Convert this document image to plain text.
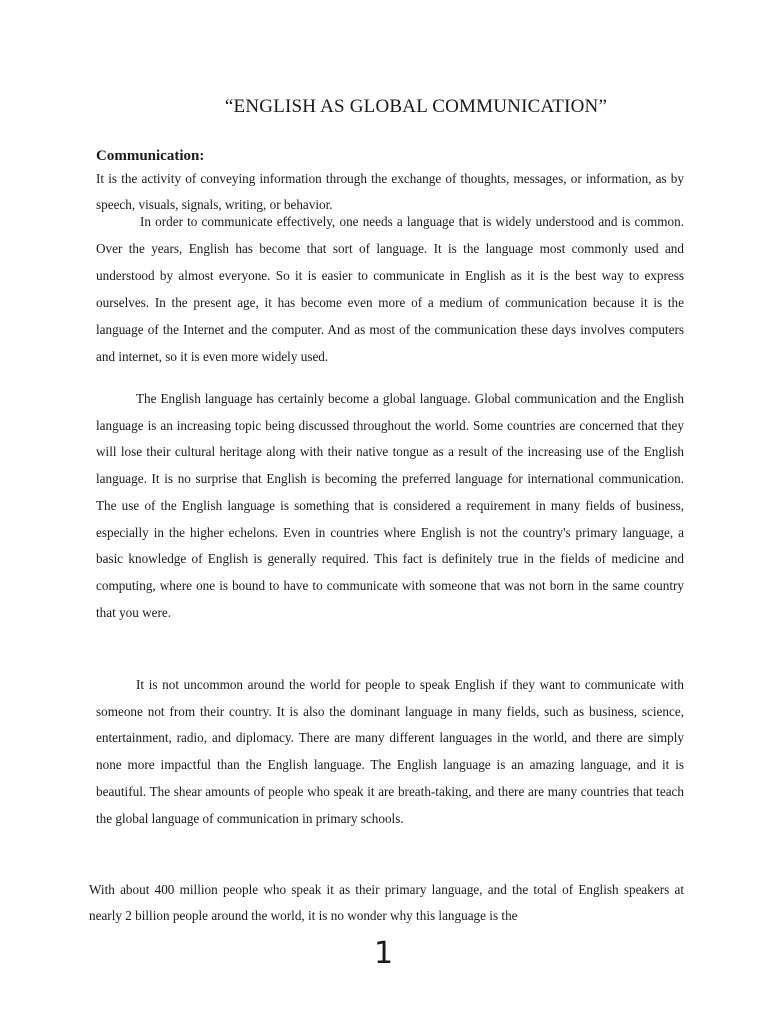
“ENGLISH AS GLOBAL COMMUNICATION”
Communication:

It is the activity of conveying information through the exchange of thoughts, messages, or information, as by speech, visuals, signals, writing, or behavior.

In order to communicate effectively, one needs a language that is widely understood and is common. Over the years, English has become that sort of language. It is the language most commonly used and understood by almost everyone. So it is easier to communicate in English as it is the best way to express ourselves. In the present age, it has become even more of a medium of communication because it is the language of the Internet and the computer. And as most of the communication these days involves computers and internet, so it is even more widely used.

The English language has certainly become a global language. Global communication and the English language is an increasing topic being discussed throughout the world. Some countries are concerned that they will lose their cultural heritage along with their native tongue as a result of the increasing use of the English language. It is no surprise that English is becoming the preferred language for international communication. The use of the English language is something that is considered a requirement in many fields of business, especially in the higher echelons. Even in countries where English is not the country's primary language, a basic knowledge of English is generally required. This fact is definitely true in the fields of medicine and computing, where one is bound to have to communicate with someone that was not born in the same country that you were.

It is not uncommon around the world for people to speak English if they want to communicate with someone not from their country. It is also the dominant language in many fields, such as business, science, entertainment, radio, and diplomacy. There are many different languages in the world, and there are simply none more impactful than the English language. The English language is an amazing language, and it is beautiful. The shear amounts of people who speak it are breath-taking, and there are many countries that teach the global language of communication in primary schools.

With about 400 million people who speak it as their primary language, and the total of English speakers at nearly 2 billion people around the world, it is no wonder why this language is the

1
